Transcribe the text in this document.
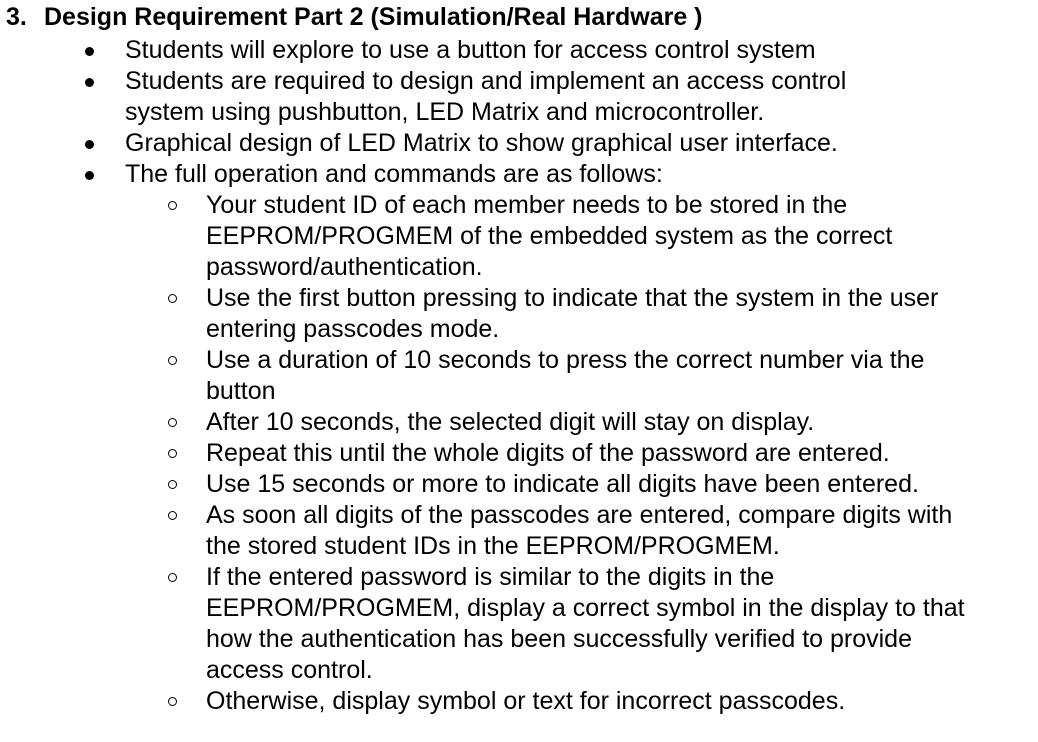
3. Design Requirement Part 2 (Simulation/Real Hardware )
Students will explore to use a button for access control system
Students are required to design and implement an access control system using pushbutton, LED Matrix and microcontroller.
Graphical design of LED Matrix to show graphical user interface.
The full operation and commands are as follows:
Your student ID of each member needs to be stored in the EEPROM/PROGMEM of the embedded system as the correct password/authentication.
Use the first button pressing to indicate that the system in the user entering passcodes mode.
Use a duration of 10 seconds to press the correct number via the button
After 10 seconds, the selected digit will stay on display.
Repeat this until the whole digits of the password are entered.
Use 15 seconds or more to indicate all digits have been entered.
As soon all digits of the passcodes are entered, compare digits with the stored student IDs in the EEPROM/PROGMEM.
If the entered password is similar to the digits in the EEPROM/PROGMEM, display a correct symbol in the display to that how the authentication has been successfully verified to provide access control.
Otherwise, display symbol or text for incorrect passcodes.
